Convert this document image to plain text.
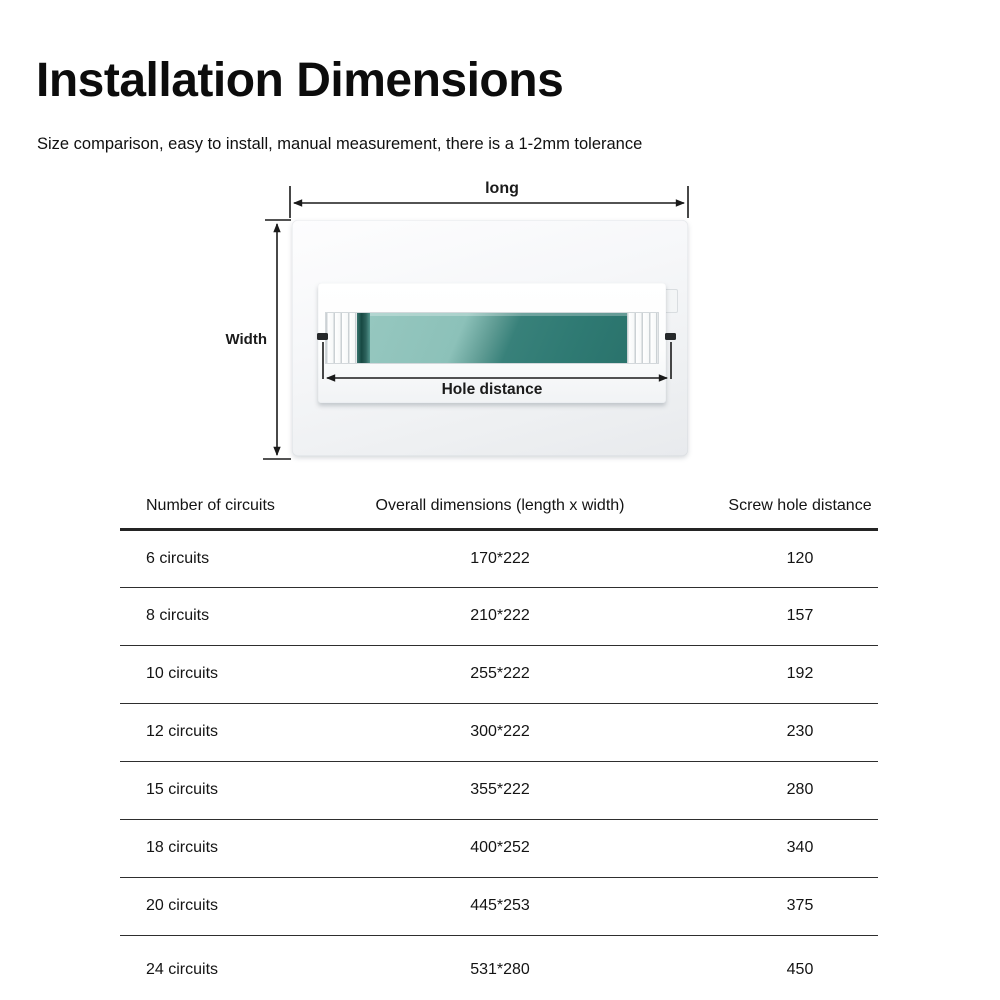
Installation Dimensions

Size comparison, easy to install, manual measurement, there is a 1-2mm tolerance

long
Width
Hole distance
Number of circuits	Overall dimensions (length x width)	Screw hole distance
6 circuits	170*222	120
8 circuits	210*222	157
10 circuits	255*222	192
12 circuits	300*222	230
15 circuits	355*222	280
18 circuits	400*252	340
20 circuits	445*253	375
24 circuits	531*280	450
